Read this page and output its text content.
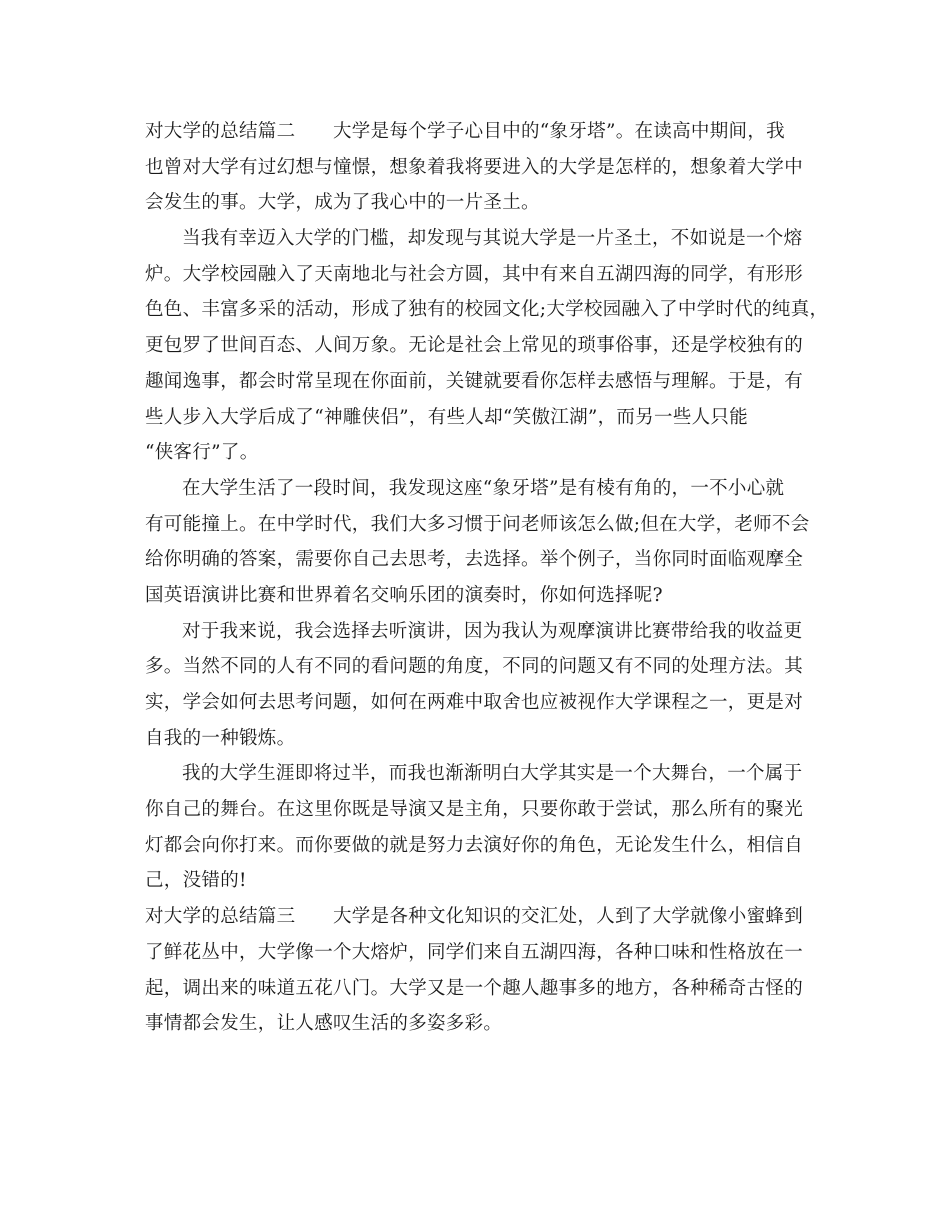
对大学的总结篇二　　大学是每个学子心目中的“象牙塔”。在读高中期间，我
也曾对大学有过幻想与憧憬，想象着我将要进入的大学是怎样的，想象着大学中
会发生的事。大学，成为了我心中的一片圣土。
当我有幸迈入大学的门槛，却发现与其说大学是一片圣土，不如说是一个熔
炉。大学校园融入了天南地北与社会方圆，其中有来自五湖四海的同学，有形形
色色、丰富多采的活动，形成了独有的校园文化;大学校园融入了中学时代的纯真，
更包罗了世间百态、人间万象。无论是社会上常见的琐事俗事，还是学校独有的
趣闻逸事，都会时常呈现在你面前，关键就要看你怎样去感悟与理解。于是，有
些人步入大学后成了“神雕侠侣”，有些人却“笑傲江湖”，而另一些人只能
“侠客行”了。
在大学生活了一段时间，我发现这座“象牙塔”是有棱有角的，一不小心就
有可能撞上。在中学时代，我们大多习惯于问老师该怎么做;但在大学，老师不会
给你明确的答案，需要你自己去思考，去选择。举个例子，当你同时面临观摩全
国英语演讲比赛和世界着名交响乐团的演奏时，你如何选择呢?
对于我来说，我会选择去听演讲，因为我认为观摩演讲比赛带给我的收益更
多。当然不同的人有不同的看问题的角度，不同的问题又有不同的处理方法。其
实，学会如何去思考问题，如何在两难中取舍也应被视作大学课程之一，更是对
自我的一种锻炼。
我的大学生涯即将过半，而我也渐渐明白大学其实是一个大舞台，一个属于
你自己的舞台。在这里你既是导演又是主角，只要你敢于尝试，那么所有的聚光
灯都会向你打来。而你要做的就是努力去演好你的角色，无论发生什么，相信自
己，没错的!
对大学的总结篇三　　大学是各种文化知识的交汇处，人到了大学就像小蜜蜂到
了鲜花丛中，大学像一个大熔炉，同学们来自五湖四海，各种口味和性格放在一
起，调出来的味道五花八门。大学又是一个趣人趣事多的地方，各种稀奇古怪的
事情都会发生，让人感叹生活的多姿多彩。
